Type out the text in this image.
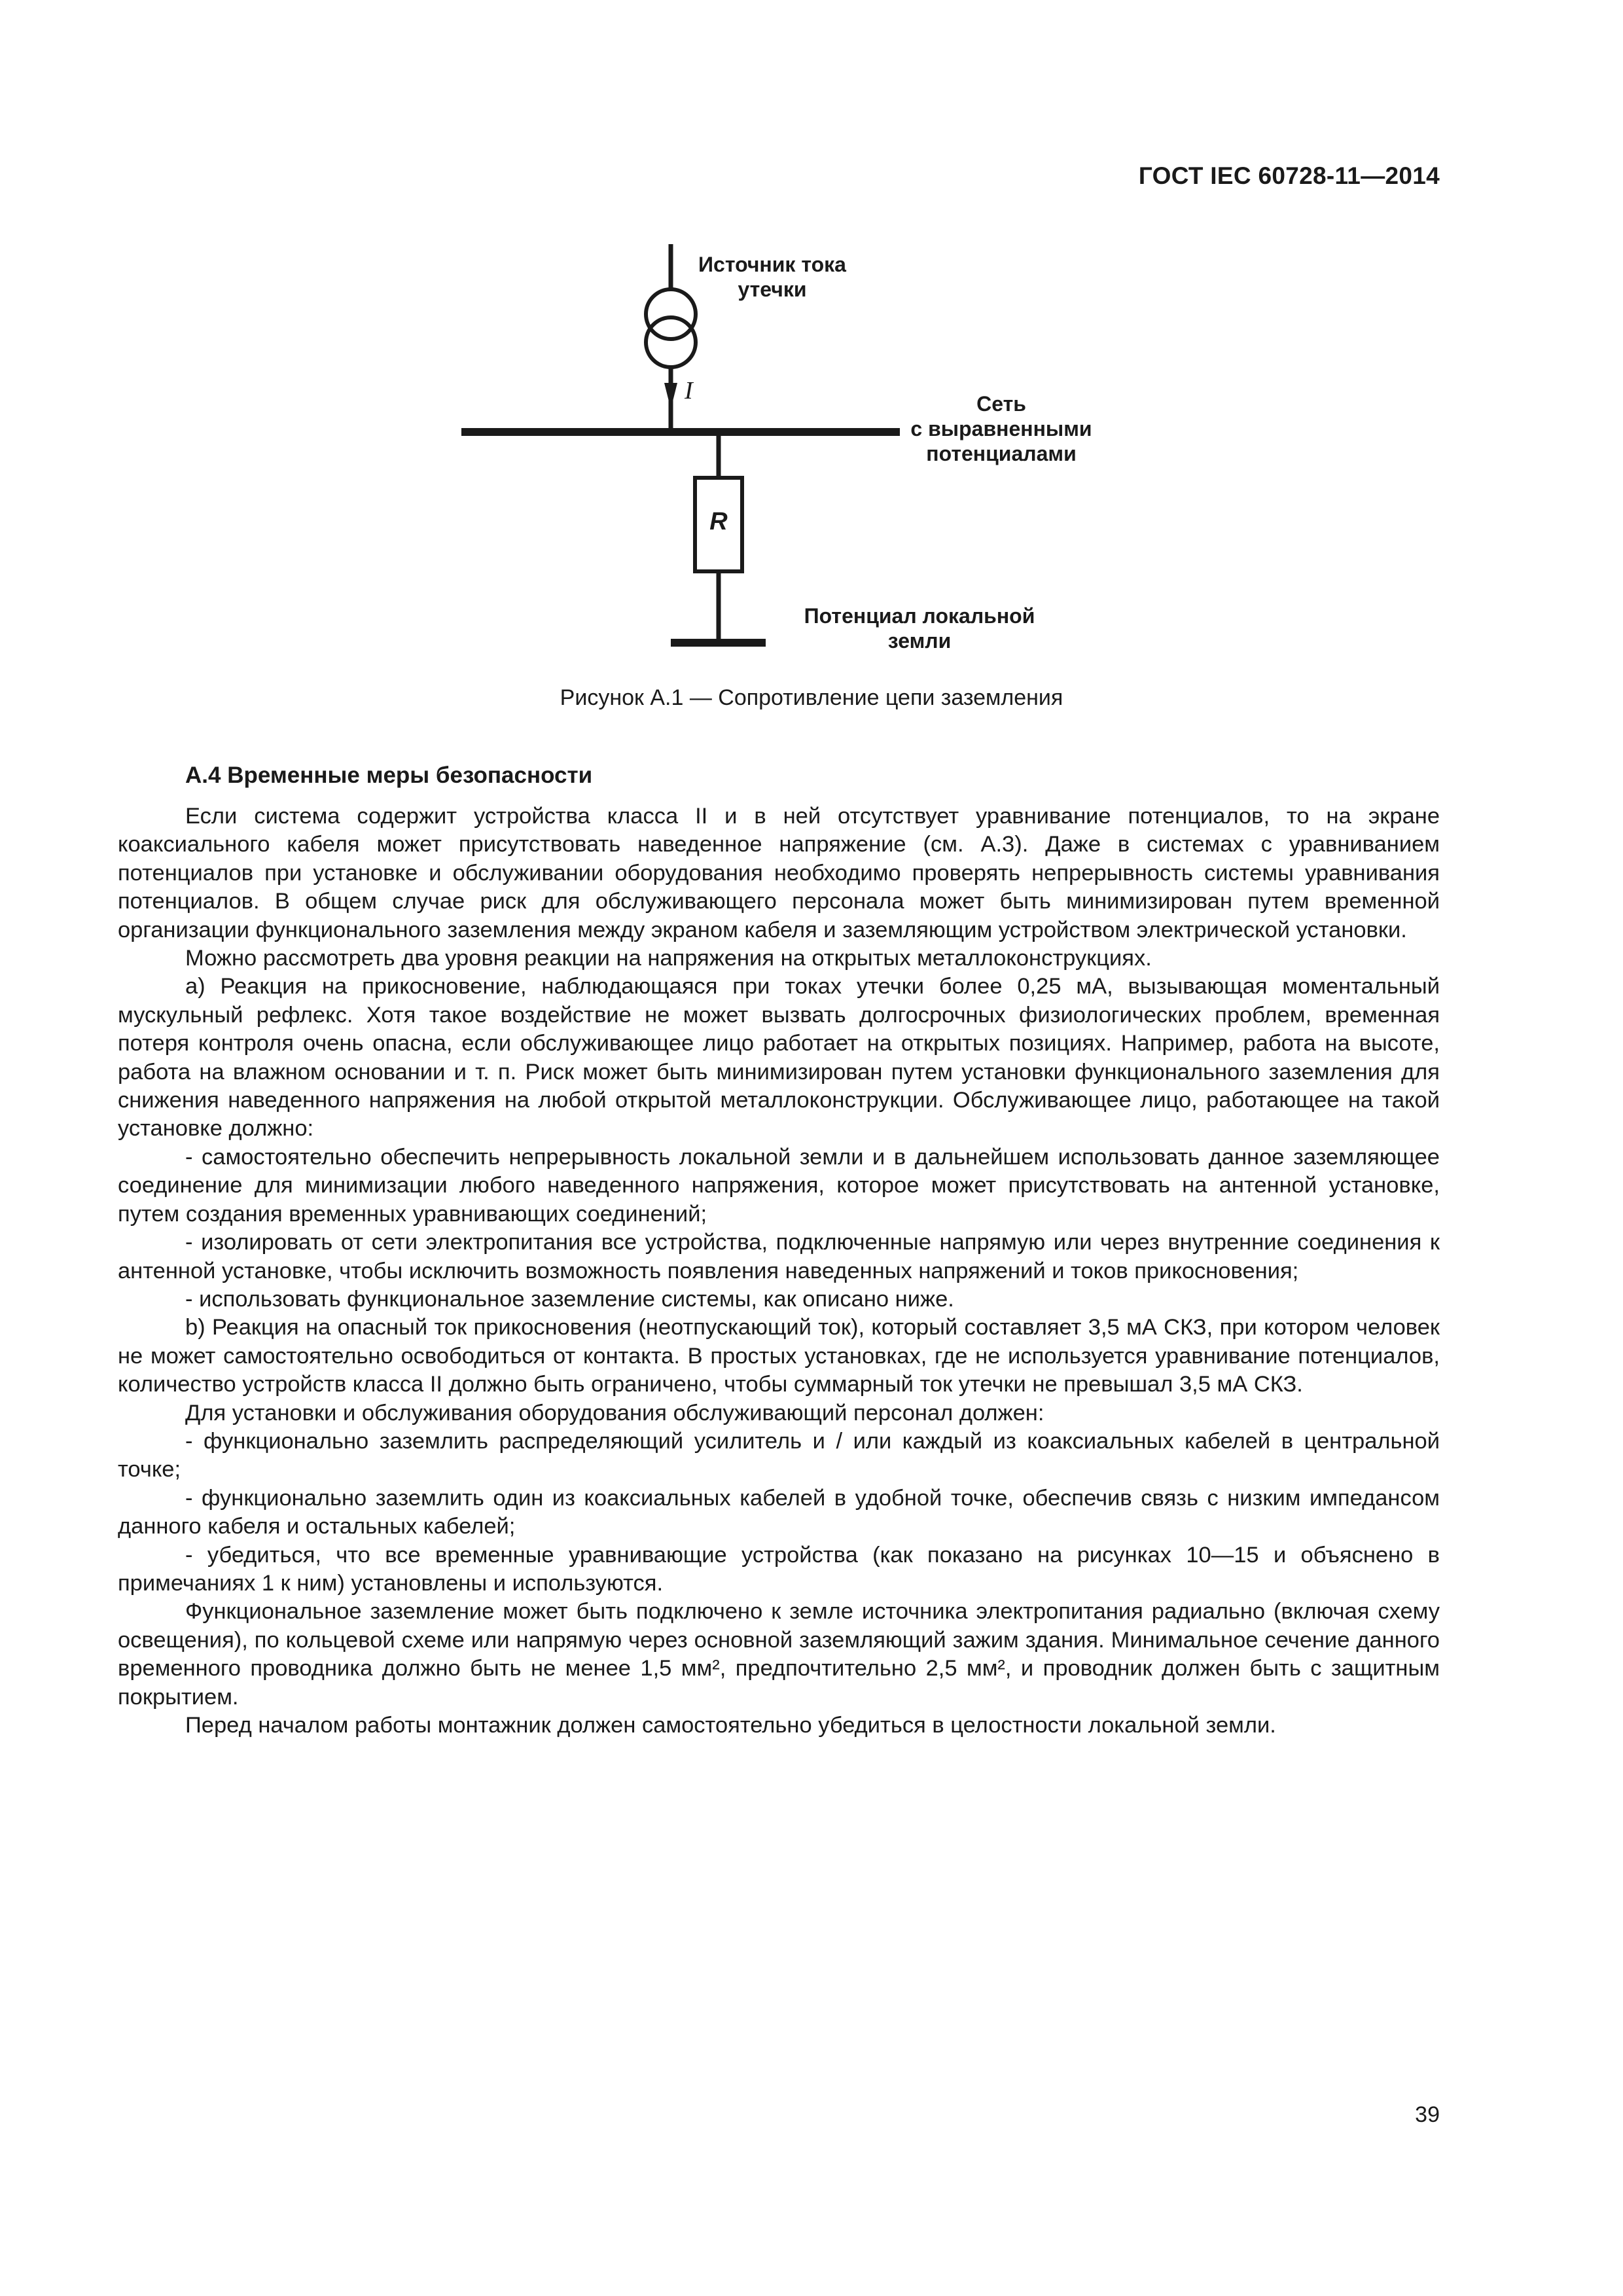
ГОСТ IEC 60728-11—2014
Источник тока
утечки
I	Сеть
с выравненными
потенциалами
R
Потенциал локальной
земли
Рисунок А.1 — Сопротивление цепи заземления
А.4 Временные меры безопасности

Если система содержит устройства класса II и в ней отсутствует уравнивание потенциалов, то на экране коаксиального кабеля может присутствовать наведенное напряжение (см. А.3). Даже в системах с уравниванием потенциалов при установке и обслуживании оборудования необходимо проверять непрерывность системы уравнивания потенциалов. В общем случае риск для обслуживающего персонала может быть минимизирован путем временной организации функционального заземления между экраном кабеля и заземляющим устройством электрической установки.

Можно рассмотреть два уровня реакции на напряжения на открытых металлоконструкциях.

a) Реакция на прикосновение, наблюдающаяся при токах утечки более 0,25 мА, вызывающая моментальный мускульный рефлекс. Хотя такое воздействие не может вызвать долгосрочных физиологических проблем, временная потеря контроля очень опасна, если обслуживающее лицо работает на открытых позициях. Например, работа на высоте, работа на влажном основании и т. п. Риск может быть минимизирован путем установки функционального заземления для снижения наведенного напряжения на любой открытой металлоконструкции. Обслуживающее лицо, работающее на такой установке должно:

- самостоятельно обеспечить непрерывность локальной земли и в дальнейшем использовать данное заземляющее соединение для минимизации любого наведенного напряжения, которое может присутствовать на антенной установке, путем создания временных уравнивающих соединений;

- изолировать от сети электропитания все устройства, подключенные напрямую или через внутренние соединения к антенной установке, чтобы исключить возможность появления наведенных напряжений и токов прикосновения;

- использовать функциональное заземление системы, как описано ниже.

b) Реакция на опасный ток прикосновения (неотпускающий ток), который составляет 3,5 мА СКЗ, при котором человек не может самостоятельно освободиться от контакта. В простых установках, где не используется уравнивание потенциалов, количество устройств класса II должно быть ограничено, чтобы суммарный ток утечки не превышал 3,5 мА СКЗ.

Для установки и обслуживания оборудования обслуживающий персонал должен:

- функционально заземлить распределяющий усилитель и / или каждый из коаксиальных кабелей в центральной точке;

- функционально заземлить один из коаксиальных кабелей в удобной точке, обеспечив связь с низким импедансом данного кабеля и остальных кабелей;

- убедиться, что все временные уравнивающие устройства (как показано на рисунках 10—15 и объяснено в примечаниях 1 к ним) установлены и используются.

Функциональное заземление может быть подключено к земле источника электропитания радиально (включая схему освещения), по кольцевой схеме или напрямую через основной заземляющий зажим здания. Минимальное сечение данного временного проводника должно быть не менее 1,5 мм², предпочтительно 2,5 мм², и проводник должен быть с защитным покрытием.

Перед началом работы монтажник должен самостоятельно убедиться в целостности локальной земли.

39
